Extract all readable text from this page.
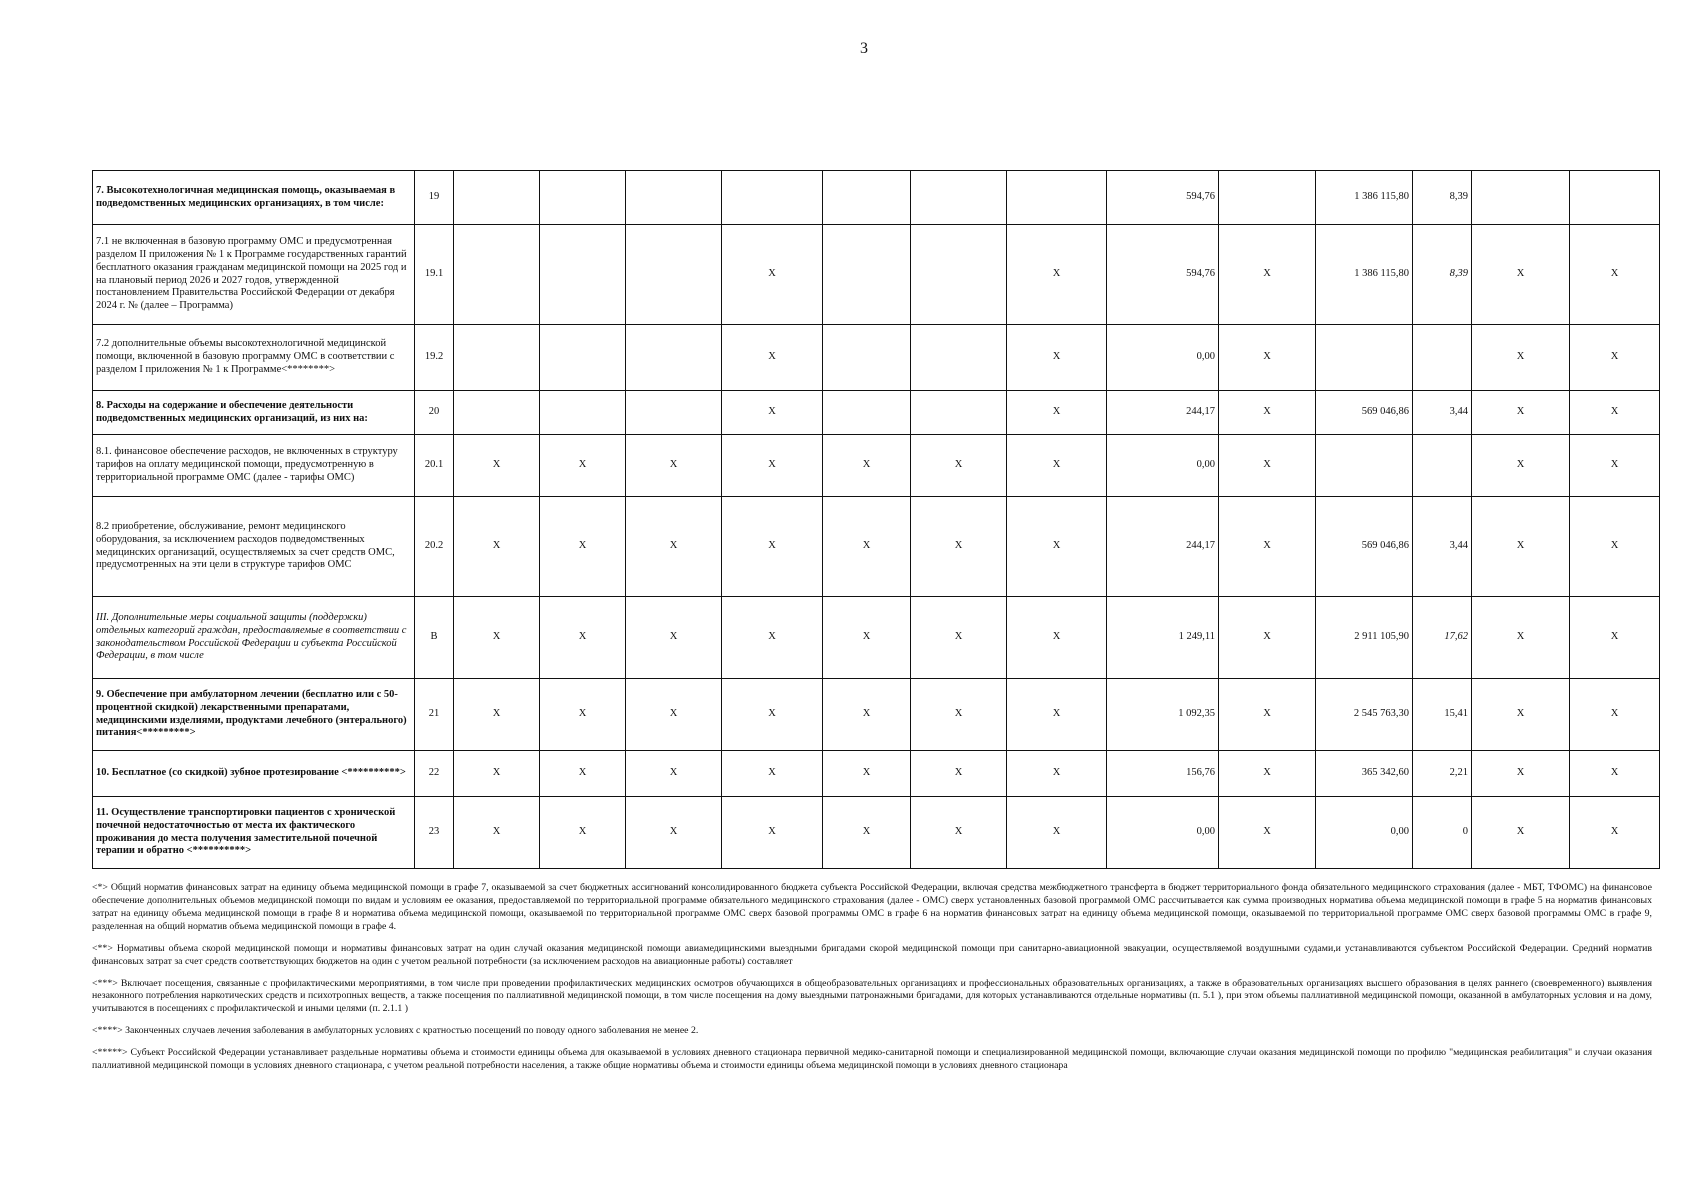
3
7. Высокотехнологичная медицинская помощь, оказываемая в подведомственных медицинских организациях, в том числе:	19								594,76		1 386 115,80	8,39		
7.1 не включенная в базовую программу ОМС и предусмотренная разделом II приложения № 1 к Программе государственных гарантий бесплатного оказания гражданам медицинской помощи на 2025 год и на плановый период 2026 и 2027 годов, утвержденной постановлением Правительства Российской Федерации от декабря 2024 г. № (далее – Программа)	19.1				X			X	594,76	X	1 386 115,80	8,39	X	X
7.2 дополнительные объемы высокотехнологичной медицинской помощи, включенной в базовую программу ОМС в соответствии с разделом I приложения № 1 к Программе<********>	19.2				X			X	0,00	X			X	X
8. Расходы на содержание и обеспечение деятельности подведомственных медицинских организаций, из них на:	20				X			X	244,17	X	569 046,86	3,44	X	X
8.1. финансовое обеспечение расходов, не включенных в структуру тарифов на оплату медицинской помощи, предусмотренную в территориальной программе ОМС (далее - тарифы ОМС)	20.1	X	X	X	X	X	X	X	0,00	X			X	X
8.2 приобретение, обслуживание, ремонт медицинского оборудования, за исключением расходов подведомственных медицинских организаций, осуществляемых за счет средств ОМС, предусмотренных на эти цели в структуре тарифов ОМС	20.2	X	X	X	X	X	X	X	244,17	X	569 046,86	3,44	X	X
III. Дополнительные меры социальной защиты (поддержки) отдельных категорий граждан, предоставляемые в соответствии с законодательством Российской Федерации и субъекта Российской Федерации, в том числе	В	X	X	X	X	X	X	X	1 249,11	X	2 911 105,90	17,62	X	X
9. Обеспечение при амбулаторном лечении (бесплатно или с 50-процентной скидкой) лекарственными препаратами, медицинскими изделиями, продуктами лечебного (энтерального) питания<*********>	21	X	X	X	X	X	X	X	1 092,35	X	2 545 763,30	15,41	X	X
10. Бесплатное (со скидкой) зубное протезирование <**********>	22	X	X	X	X	X	X	X	156,76	X	365 342,60	2,21	X	X
11. Осуществление транспортировки пациентов с хронической почечной недостаточностью от места их фактического проживания до места получения заместительной почечной терапии и обратно <**********>	23	X	X	X	X	X	X	X	0,00	X	0,00	0	X	X

<*> Общий норматив финансовых затрат на единицу объема медицинской помощи в графе 7, оказываемой за счет бюджетных ассигнований консолидированного бюджета субъекта Российской Федерации, включая средства межбюджетного трансферта в бюджет территориального фонда обязательного медицинского страхования (далее - МБТ, ТФОМС) на финансовое обеспечение дополнительных объемов медицинской помощи по видам и условиям ее оказания, предоставляемой по территориальной программе обязательного медицинского страхования (далее - ОМС) сверх установленных базовой программой ОМС рассчитывается как сумма производных норматива объема медицинской помощи в графе 5 на норматив финансовых затрат на единицу объема медицинской помощи в графе 8 и норматива объема медицинской помощи, оказываемой по территориальной программе ОМС сверх базовой программы ОМС в графе 6 на норматив финансовых затрат на единицу объема медицинской помощи, оказываемой по территориальной программе ОМС сверх базовой программы ОМС в графе 9, разделенная на общий норматив объема медицинской помощи в графе 4.

<**> Нормативы объема скорой медицинской помощи и нормативы финансовых затрат на один случай оказания медицинской помощи авиамедицинскими выездными бригадами скорой медицинской помощи при санитарно-авиационной эвакуации, осуществляемой воздушными судами,и устанавливаются субъектом Российской Федерации. Средний норматив финансовых затрат за счет средств соответствующих бюджетов на один с учетом реальной потребности (за исключением расходов на авиационные работы) составляет

<***> Включает посещения, связанные с профилактическими мероприятиями, в том числе при проведении профилактических медицинских осмотров обучающихся в общеобразовательных организациях и профессиональных образовательных организациях, а также в образовательных организациях высшего образования в целях раннего (своевременного) выявления незаконного потребления наркотических средств и психотропных веществ, а также посещения по паллиативной медицинской помощи, в том числе посещения на дому выездными патронажными бригадами, для которых устанавливаются отдельные нормативы (п. 5.1 ), при этом объемы паллиативной медицинской помощи, оказанной в амбулаторных условия и на дому, учитываются в посещениях с профилактической и иными целями (п. 2.1.1 )

<****> Законченных случаев лечения заболевания в амбулаторных условиях с кратностью посещений по поводу одного заболевания не менее 2.

<*****> Субъект Российской Федерации устанавливает раздельные нормативы объема и стоимости единицы объема для оказываемой в условиях дневного стационара первичной медико-санитарной помощи и специализированной медицинской помощи, включающие случаи оказания медицинской помощи по профилю "медицинская реабилитация" и случаи оказания паллиативной медицинской помощи в условиях дневного стационара, с учетом реальной потребности населения, а также общие нормативы объема и стоимости единицы объема медицинской помощи в условиях дневного стационара
